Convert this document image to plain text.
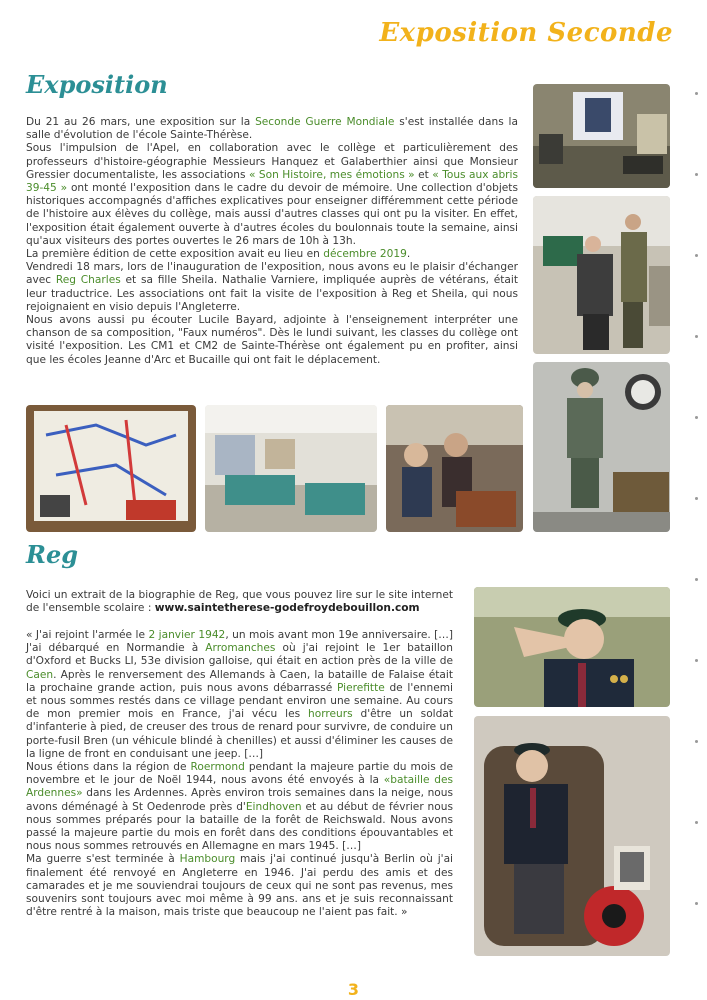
Exposition Seconde
Exposition
Du 21 au 26 mars, une exposition sur la Seconde Guerre Mondiale s'est installée dans la salle d'évolution de l'école Sainte-Thérèse.
Sous l'impulsion de l'Apel, en collaboration avec le collège et particulièrement des professeurs d'histoire-géographie Messieurs Hanquez et Galaberthier ainsi que Monsieur Gressier documentaliste, les associations « Son Histoire, mes émotions » et « Tous aux abris 39-45 » ont monté l'exposition dans le cadre du devoir de mémoire. Une collection d'objets historiques accompagnés d'affiches explicatives pour enseigner différemment cette période de l'histoire aux élèves du collège, mais aussi d'autres classes qui ont pu la visiter. En effet, l'exposition était également ouverte à d'autres écoles du boulonnais toute la semaine, ainsi qu'aux visiteurs des portes ouvertes le 26 mars de 10h à 13h.
La première édition de cette exposition avait eu lieu en décembre 2019.
Vendredi 18 mars, lors de l'inauguration de l'exposition, nous avons eu le plaisir d'échanger avec Reg Charles et sa fille Sheila. Nathalie Varniere, impliquée auprès de vétérans, était leur traductrice. Les associations ont fait la visite de l'exposition à Reg et Sheila, qui nous rejoignaient en visio depuis l'Angleterre.
Nous avons aussi pu écouter Lucile Bayard, adjointe à l'enseignement interpréter une chanson de sa composition, "Faux numéros". Dès le lundi suivant, les classes du collège ont visité l'exposition. Les CM1 et CM2 de Sainte-Thérèse ont également pu en profiter, ainsi que les écoles Jeanne d'Arc et Bucaille qui ont fait le déplacement.
Reg
Voici un extrait de la biographie de Reg, que vous pouvez lire sur le site internet de l'ensemble scolaire : www.saintetherese-godefroydebouillon.com
« J'ai rejoint l'armée le 2 janvier 1942, un mois avant mon 19e anniversaire. […] J'ai débarqué en Normandie à Arromanches où j'ai rejoint le 1er bataillon d'Oxford et Bucks LI, 53e division galloise, qui était en action près de la ville de Caen. Après le renversement des Allemands à Caen, la bataille de Falaise était la prochaine grande action, puis nous avons débarrassé Pierefitte de l'ennemi et nous sommes restés dans ce village pendant environ une semaine. Au cours de mon premier mois en France, j'ai vécu les horreurs d'être un soldat d'infanterie à pied, de creuser des trous de renard pour survivre, de conduire un porte-fusil Bren (un véhicule blindé à chenilles) et aussi d'éliminer les causes de la ligne de front en conduisant une jeep. […]
Nous étions dans la région de Roermond pendant la majeure partie du mois de novembre et le jour de Noël 1944, nous avons été envoyés à la «bataille des Ardennes» dans les Ardennes. Après environ trois semaines dans la neige, nous avons déménagé à St Oedenrode près d'Eindhoven et au début de février nous nous sommes préparés pour la bataille de la forêt de Reichswald. Nous avons passé la majeure partie du mois en forêt dans des conditions épouvantables et nous nous sommes retrouvés en Allemagne en mars 1945. […]
Ma guerre s'est terminée à Hambourg mais j'ai continué jusqu'à Berlin où j'ai finalement été renvoyé en Angleterre en 1946. J'ai perdu des amis et des camarades et je me souviendrai toujours de ceux qui ne sont pas revenus, mes souvenirs sont toujours avec moi même à 99 ans. ans et je suis reconnaissant d'être rentré à la maison, mais triste que beaucoup ne l'aient pas fait. »
3
